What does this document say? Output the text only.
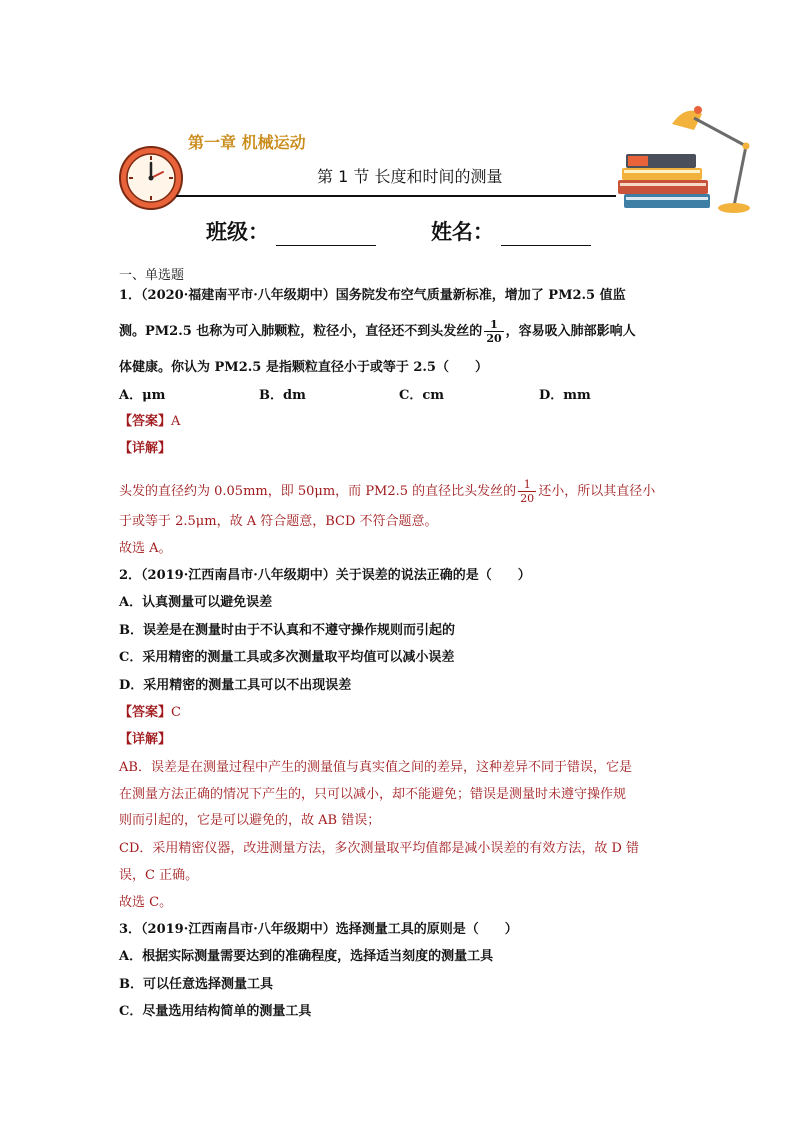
第一章 机械运动
第 1 节 长度和时间的测量
班级：	姓名：
一、单选题
1．（2020·福建南平市·八年级期中）国务院发布空气质量新标准，增加了 PM2.5 值监
测。PM2.5 也称为可入肺颗粒，粒径小，直径还不到头发丝的 $\frac{1}{20}$ ，容易吸入肺部影响人
体健康。你认为 PM2.5 是指颗粒直径小于或等于 2.5（　　）
A．μm	B．dm	C．cm	D．mm
【答案】A
【详解】
头发的直径约为 0.05mm，即 50μm，而 PM2.5 的直径比头发丝的 $\frac{1}{20}$ 还小，所以其直径小
于或等于 2.5μm，故 A 符合题意，BCD 不符合题意。
故选 A。
2．（2019·江西南昌市·八年级期中）关于误差的说法正确的是（　　）
A．认真测量可以避免误差
B．误差是在测量时由于不认真和不遵守操作规则而引起的
C．采用精密的测量工具或多次测量取平均值可以减小误差
D．采用精密的测量工具可以不出现误差
【答案】C
【详解】
AB．误差是在测量过程中产生的测量值与真实值之间的差异，这种差异不同于错误，它是
在测量方法正确的情况下产生的，只可以减小，却不能避免；错误是测量时未遵守操作规
则而引起的，它是可以避免的，故 AB 错误；
CD．采用精密仪器，改进测量方法，多次测量取平均值都是减小误差的有效方法，故 D 错
误，C 正确。
故选 C。
3．（2019·江西南昌市·八年级期中）选择测量工具的原则是（　　）
A．根据实际测量需要达到的准确程度，选择适当刻度的测量工具
B．可以任意选择测量工具
C．尽量选用结构简单的测量工具
